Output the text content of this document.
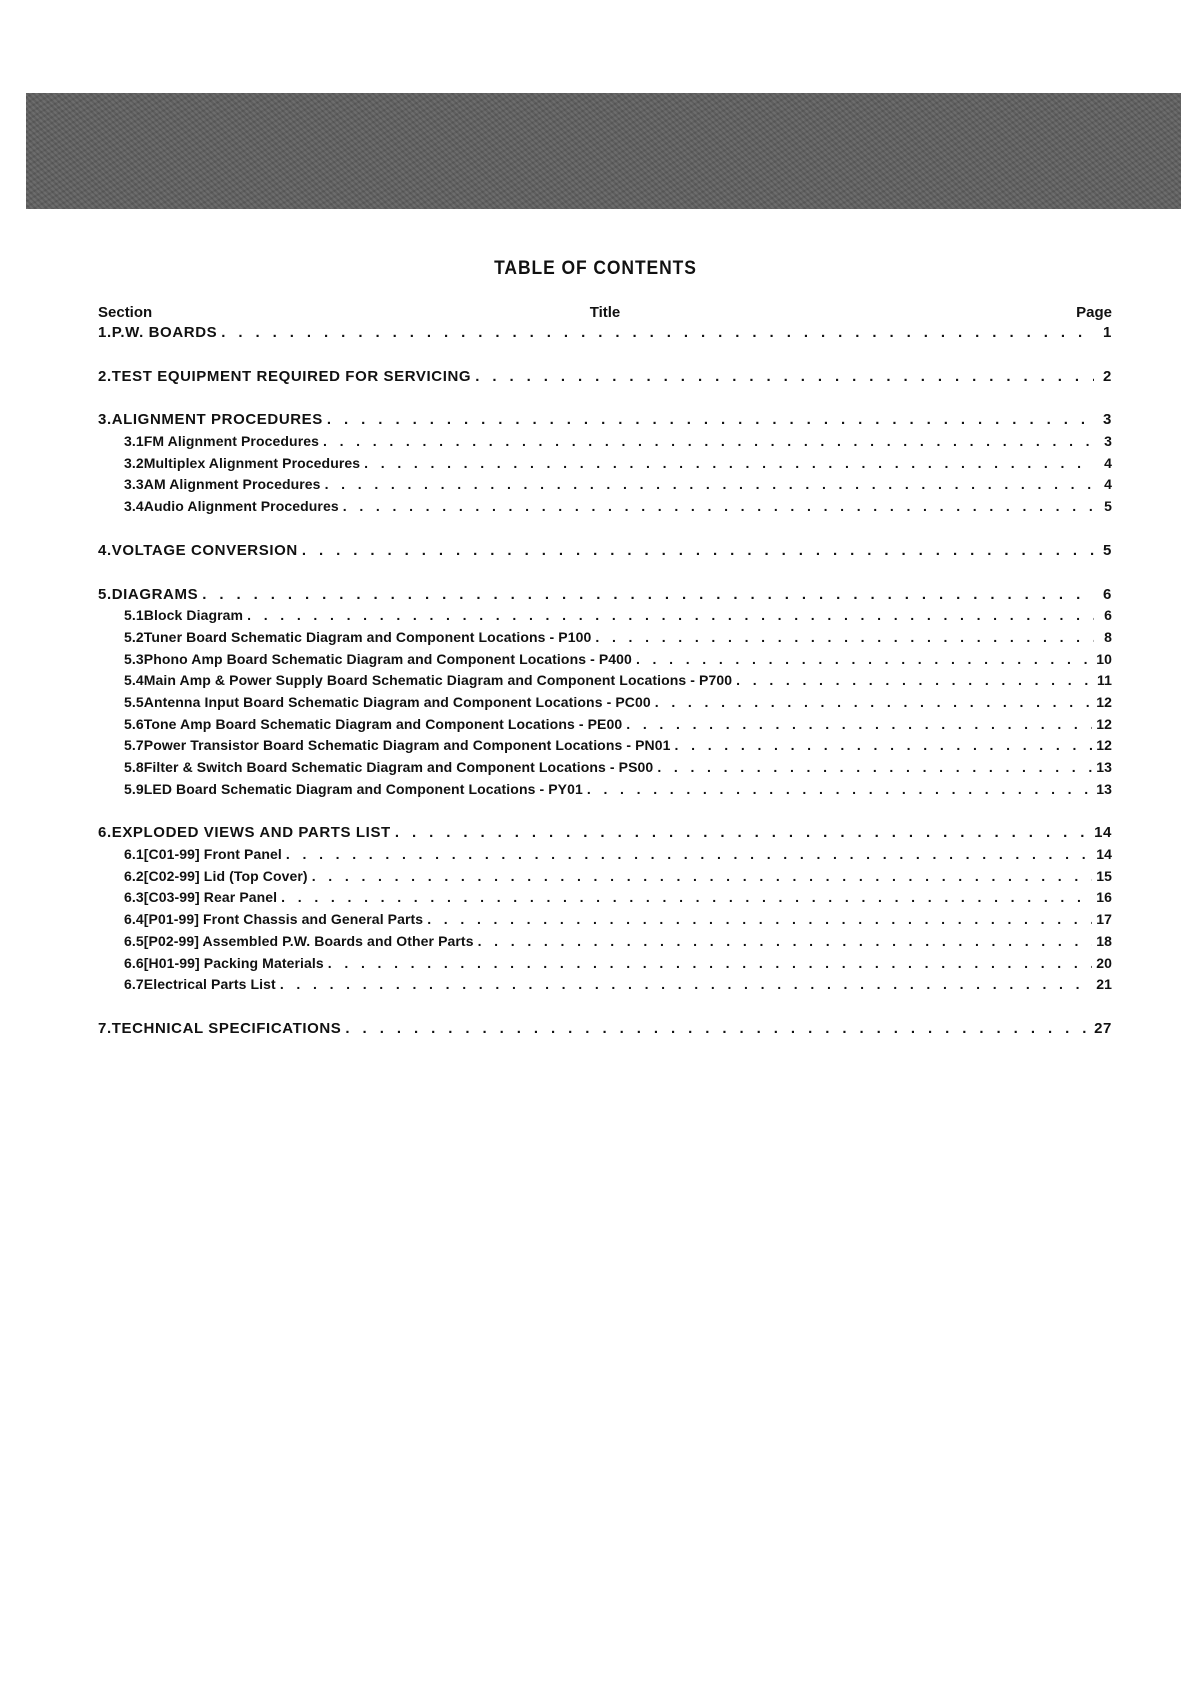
TABLE OF CONTENTS
Section	Title	Page
1. P.W. BOARDS . . .	1
2. TEST EQUIPMENT REQUIRED FOR SERVICING . . .	2
3. ALIGNMENT PROCEDURES . . .	3
3.1 FM Alignment Procedures . . .	3
3.2 Multiplex Alignment Procedures . . .	4
3.3 AM Alignment Procedures . . .	4
3.4 Audio Alignment Procedures . . .	5
4. VOLTAGE CONVERSION . . .	5
5. DIAGRAMS . . .	6
5.1 Block Diagram . . .	6
5.2 Tuner Board Schematic Diagram and Component Locations - P100 . . .	8
5.3 Phono Amp Board Schematic Diagram and Component Locations - P400 . . .	10
5.4 Main Amp & Power Supply Board Schematic Diagram and Component Locations - P700 . . .	11
5.5 Antenna Input Board Schematic Diagram and Component Locations - PC00 . . .	12
5.6 Tone Amp Board Schematic Diagram and Component Locations - PE00 . . .	12
5.7 Power Transistor Board Schematic Diagram and Component Locations - PN01 . . .	12
5.8 Filter & Switch Board Schematic Diagram and Component Locations - PS00 . . .	13
5.9 LED Board Schematic Diagram and Component Locations - PY01 . . .	13
6. EXPLODED VIEWS AND PARTS LIST . . .	14
6.1 [C01-99] Front Panel . . .	14
6.2 [C02-99] Lid (Top Cover) . . .	15
6.3 [C03-99] Rear Panel . . .	16
6.4 [P01-99] Front Chassis and General Parts . . .	17
6.5 [P02-99] Assembled P.W. Boards and Other Parts . . .	18
6.6 [H01-99] Packing Materials . . .	20
6.7 Electrical Parts List . . .	21
7. TECHNICAL SPECIFICATIONS . . .	27
